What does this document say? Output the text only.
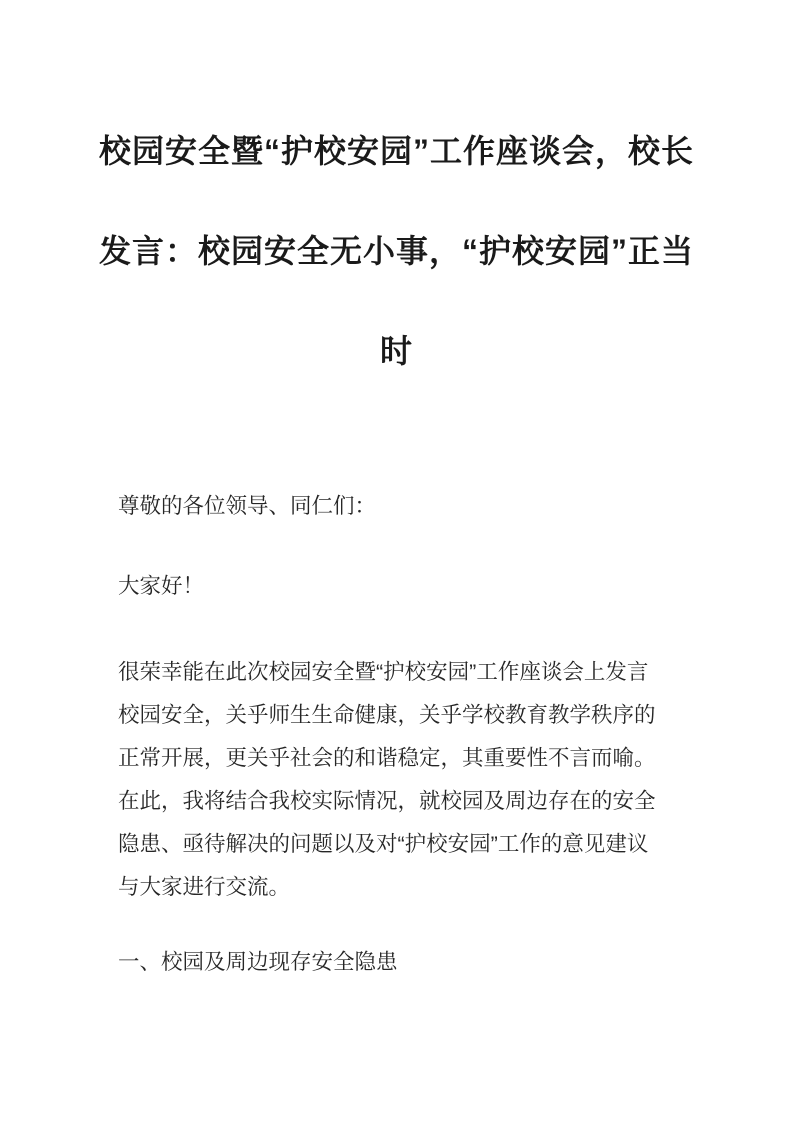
校园安全暨“护校安园”工作座谈会，校长
发言：校园安全无小事，“护校安园”正当
时
尊敬的各位领导、同仁们：
大家好！
很荣幸能在此次校园安全暨“护校安园”工作座谈会上发言
校园安全，关乎师生生命健康，关乎学校教育教学秩序的
正常开展，更关乎社会的和谐稳定，其重要性不言而喻。
在此，我将结合我校实际情况，就校园及周边存在的安全
隐患、亟待解决的问题以及对“护校安园”工作的意见建议
与大家进行交流。
一、校园及周边现存安全隐患
